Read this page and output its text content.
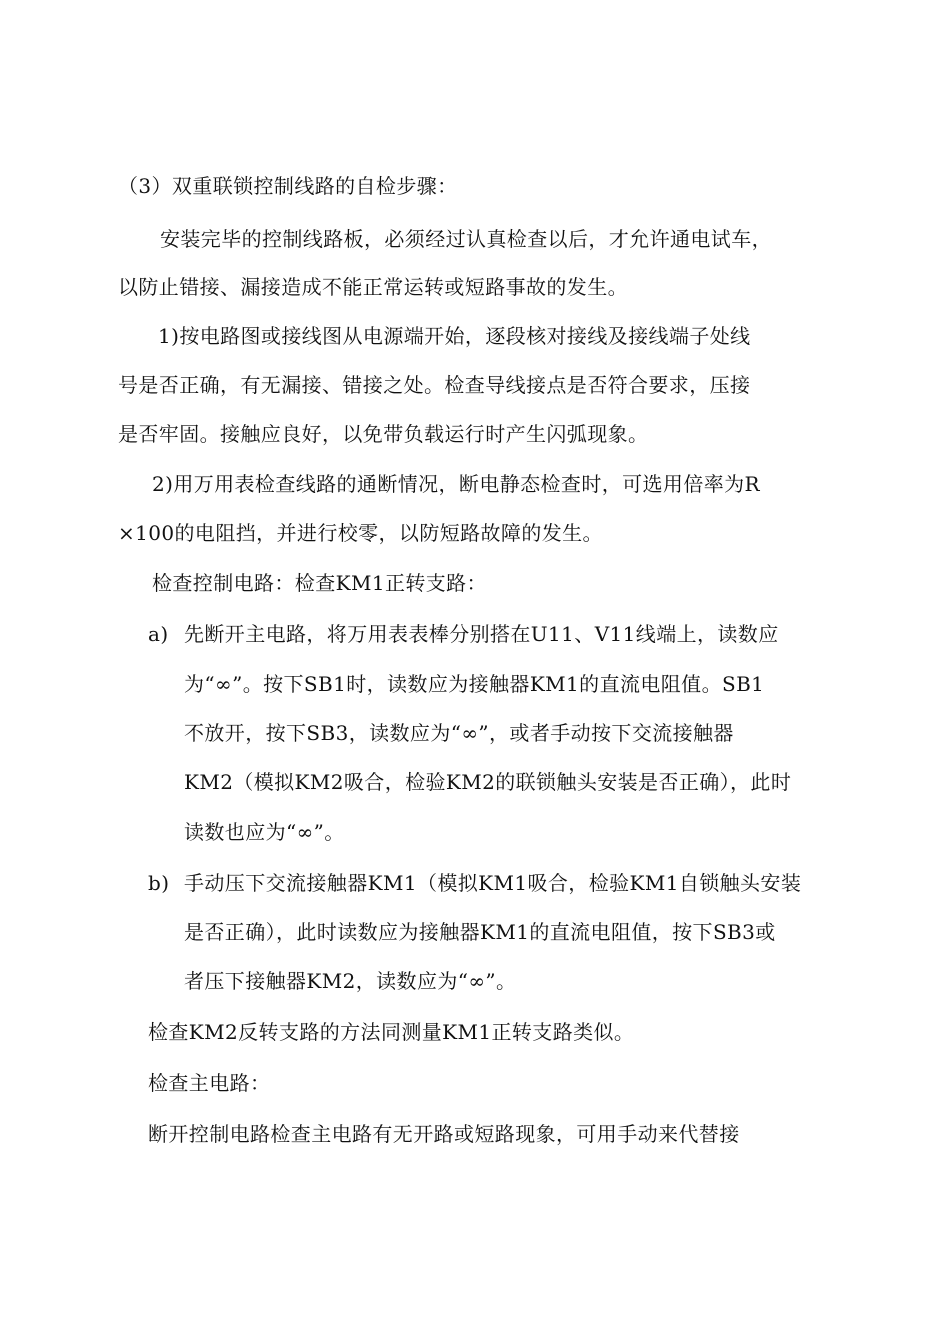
（3）双重联锁控制线路的自检步骤：
安装完毕的控制线路板，必须经过认真检查以后，才允许通电试车，
以防止错接、漏接造成不能正常运转或短路事故的发生。
1)按电路图或接线图从电源端开始，逐段核对接线及接线端子处线
号是否正确，有无漏接、错接之处。检查导线接点是否符合要求，压接
是否牢固。接触应良好，以免带负载运行时产生闪弧现象。
2)用万用表检查线路的通断情况，断电静态检查时，可选用倍率为R
×100的电阻挡，并进行校零，以防短路故障的发生。
检查控制电路：检查KM1正转支路：
a) 先断开主电路，将万用表表棒分别搭在U11、V11线端上，读数应
为“∞”。按下SB1时，读数应为接触器KM1的直流电阻值。SB1
不放开，按下SB3，读数应为“∞”，或者手动按下交流接触器
KM2（模拟KM2吸合，检验KM2的联锁触头安装是否正确），此时
读数也应为“∞”。
b) 手动压下交流接触器KM1（模拟KM1吸合，检验KM1自锁触头安装
是否正确），此时读数应为接触器KM1的直流电阻值，按下SB3或
者压下接触器KM2，读数应为“∞”。
检查KM2反转支路的方法同测量KM1正转支路类似。
检查主电路：
断开控制电路检查主电路有无开路或短路现象，可用手动来代替接
